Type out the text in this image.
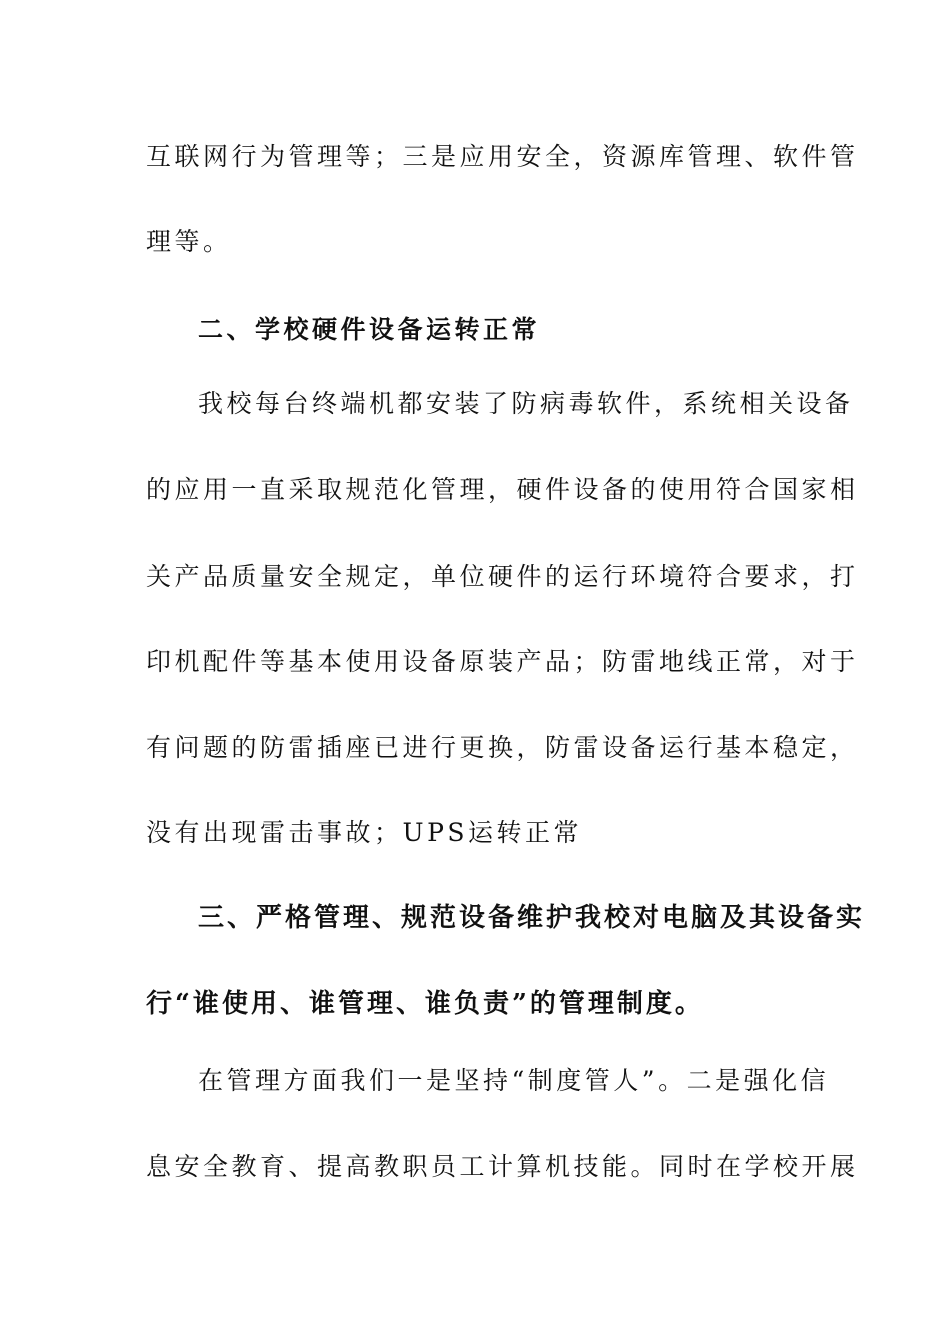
互联网行为管理等；三是应用安全，资源库管理、软件管
理等。
二、学校硬件设备运转正常
我校每台终端机都安装了防病毒软件，系统相关设备
的应用一直采取规范化管理，硬件设备的使用符合国家相
关产品质量安全规定，单位硬件的运行环境符合要求，打
印机配件等基本使用设备原装产品；防雷地线正常，对于
有问题的防雷插座已进行更换，防雷设备运行基本稳定，
没有出现雷击事故；UPS运转正常
三、严格管理、规范设备维护我校对电脑及其设备实
行“谁使用、谁管理、谁负责”的管理制度。
在管理方面我们一是坚持“制度管人”。二是强化信
息安全教育、提高教职员工计算机技能。同时在学校开展
